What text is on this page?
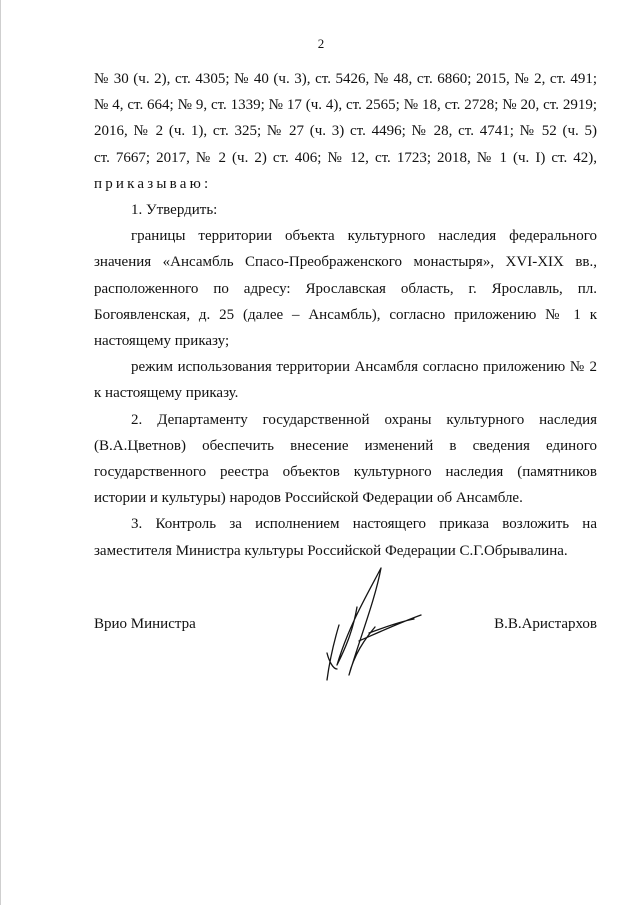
2

№ 30 (ч. 2), ст. 4305; № 40 (ч. 3), ст. 5426, № 48, ст. 6860; 2015, № 2, ст. 491;

№ 4, ст. 664; № 9, ст. 1339; № 17 (ч. 4), ст. 2565; № 18, ст. 2728; № 20, ст. 2919;

2016, № 2 (ч. 1), ст. 325; № 27 (ч. 3) ст. 4496; № 28, ст. 4741; № 52 (ч. 5)

ст. 7667; 2017, № 2 (ч. 2) ст. 406; № 12, ст. 1723; 2018, № 1 (ч. I) ст. 42),

приказываю:

1. Утвердить:

границы территории объекта культурного наследия федерального значения «Ансамбль Спасо-Преображенского монастыря», XVI-XIX вв., расположенного по адресу: Ярославская область, г. Ярославль, пл. Богоявленская, д. 25 (далее – Ансамбль), согласно приложению № 1 к настоящему приказу;

режим использования территории Ансамбля согласно приложению № 2 к настоящему приказу.

2. Департаменту государственной охраны культурного наследия (В.А.Цветнов) обеспечить внесение изменений в сведения единого государственного реестра объектов культурного наследия (памятников истории и культуры) народов Российской Федерации об Ансамбле.

3. Контроль за исполнением настоящего приказа возложить на заместителя Министра культуры Российской Федерации С.Г.Обрывалина.

Врио Министра	В.В.Аристархов
